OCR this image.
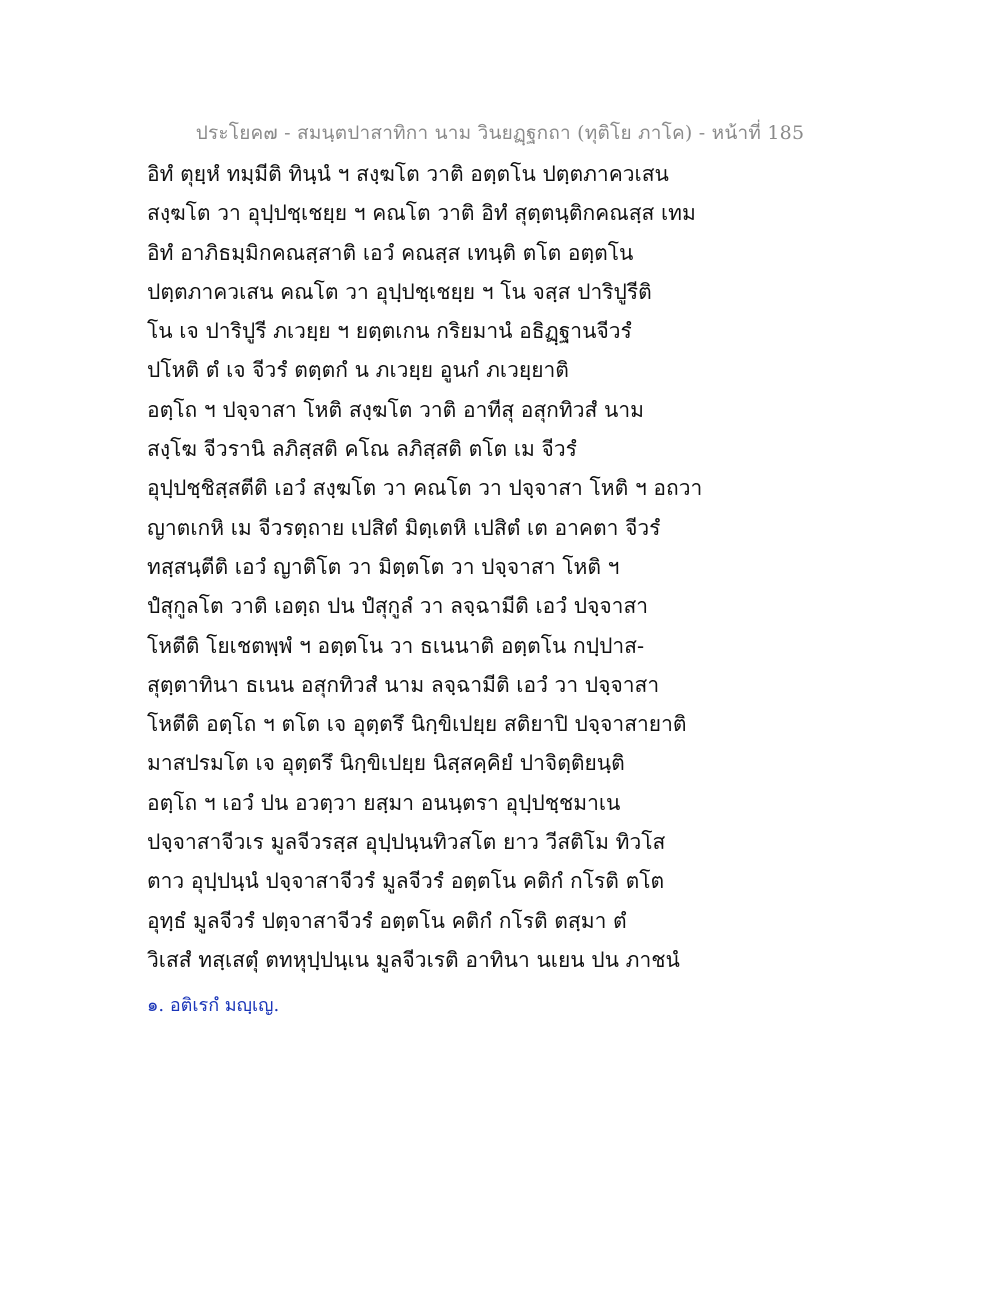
ประโยค๗ - สมนฺตปาสาทิกา นาม วินยฏฺฐกถา (ทุติโย ภาโค) - หน้าที่ 185
อิทํ ตุยฺหํ ทมฺมีติ ทินฺนํ ฯ สงฺฆโต วาติ อตฺตโน ปตฺตภาควเสน
สงฺฆโต วา อุปฺปชฺเชยฺย ฯ คณโต วาติ อิทํ สุตฺตนฺติกคณสฺส เทม
อิทํ อาภิธมฺมิกคณสฺสาติ เอวํ คณสฺส เทนฺติ ตโต อตฺตโน
ปตฺตภาควเสน คณโต วา อุปฺปชฺเชยฺย ฯ โน จสฺส ปาริปูรีติ
โน เจ ปาริปูรี ภเวยฺย ฯ ยตฺตเกน กริยมานํ อธิฏฺฐานจีวรํ
ปโหติ ตํ เจ จีวรํ ตตฺตกํ น ภเวยฺย อูนกํ ภเวยฺยาติ
อตฺโถ ฯ ปจฺจาสา โหติ สงฺฆโต วาติ อาทีสุ อสุกทิวสํ นาม
สงฺโฆ จีวรานิ ลภิสฺสติ คโณ ลภิสฺสติ ตโต เม จีวรํ
อุปฺปชฺชิสฺสตีติ เอวํ สงฺฆโต วา คณโต วา ปจฺจาสา โหติ ฯ อถวา
ญาตเกหิ เม จีวรตฺถาย เปสิตํ มิตฺเตหิ เปสิตํ เต อาคตา จีวรํ
ทสฺสนฺตีติ เอวํ ญาติโต วา มิตฺตโต วา ปจฺจาสา โหติ ฯ
ปํสุกูลโต วาติ เอตฺถ ปน ปํสุกูลํ วา ลจฺฉามีติ เอวํ ปจฺจาสา
โหตีติ โยเชตพฺพํ ฯ อตฺตโน วา ธเนนาติ อตฺตโน กปฺปาส-
สุตฺตาทินา ธเนน อสุกทิวสํ นาม ลจฺฉามีติ เอวํ วา ปจฺจาสา
โหตีติ อตฺโถ ฯ ตโต เจ อุตฺตรึ นิกฺขิเปยฺย สติยาปิ ปจฺจาสายาติ
มาสปรมโต เจ อุตฺตรึ นิกฺขิเปยฺย นิสฺสคฺคิยํ ปาจิตฺติยนฺติ
อตฺโถ ฯ เอวํ ปน อวตฺวา ยสฺมา อนนฺตรา อุปฺปชฺชมาเน
ปจฺจาสาจีวเร มูลจีวรสฺส อุปฺปนฺนทิวสโต ยาว วีสติโม ทิวโส
ตาว อุปฺปนฺนํ ปจฺจาสาจีวรํ มูลจีวรํ อตฺตโน คติกํ กโรติ ตโต
อุทฺธํ มูลจีวรํ ปตฺจาสาจีวรํ อตฺตโน คติกํ กโรติ ตสฺมา ตํ
วิเสสํ ทสฺเสตุํ ตทหุปฺปนฺเน มูลจีวเรติ อาทินา นเยน ปน ภาชนํ
๑. อติเรกํ มญฺเญ.
